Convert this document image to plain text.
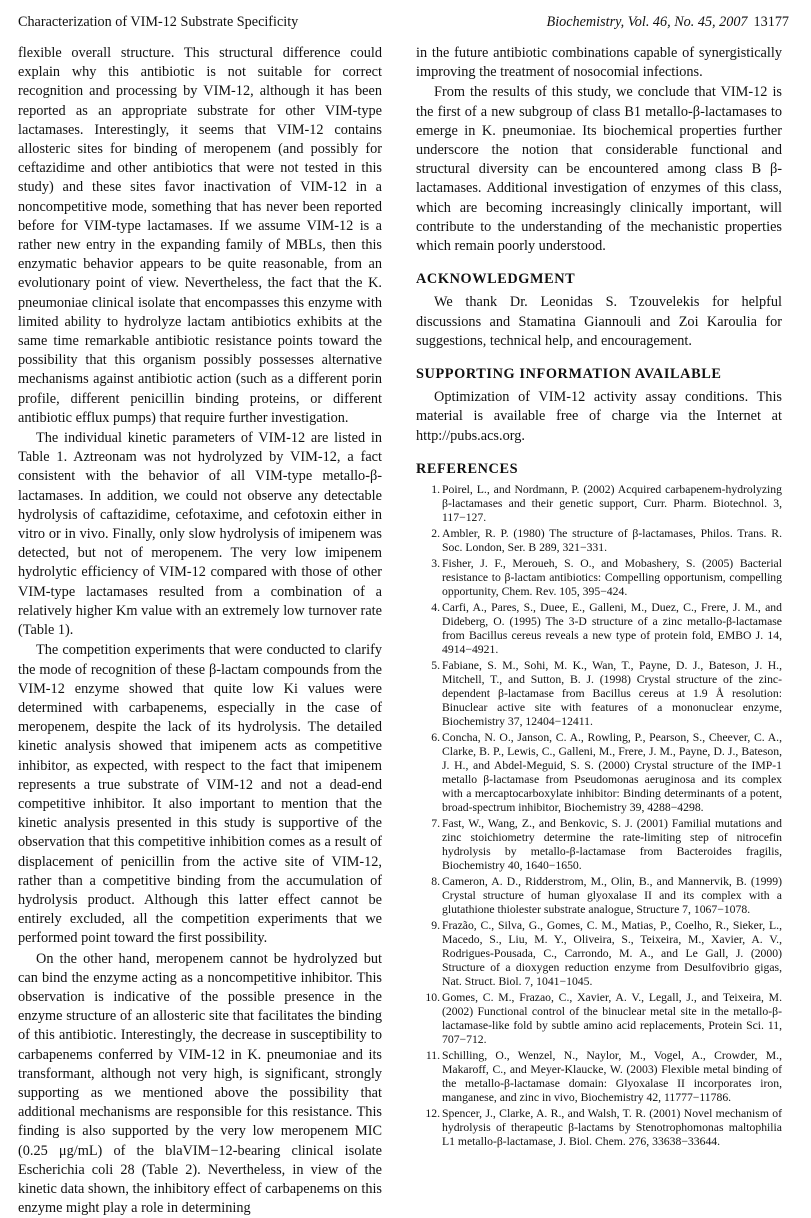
Characterization of VIM-12 Substrate Specificity	Biochemistry, Vol. 46, No. 45, 2007 13177

flexible overall structure. This structural difference could explain why this antibiotic is not suitable for correct recognition and processing by VIM-12, although it has been reported as an appropriate substrate for other VIM-type lactamases. Interestingly, it seems that VIM-12 contains allosteric sites for binding of meropenem (and possibly for ceftazidime and other antibiotics that were not tested in this study) and these sites favor inactivation of VIM-12 in a noncompetitive mode, something that has never been reported before for VIM-type lactamases. If we assume VIM-12 is a rather new entry in the expanding family of MBLs, then this enzymatic behavior appears to be quite reasonable, from an evolutionary point of view. Nevertheless, the fact that the K. pneumoniae clinical isolate that encompasses this enzyme with limited ability to hydrolyze lactam antibiotics exhibits at the same time remarkable antibiotic resistance points toward the possibility that this organism possibly possesses alternative mechanisms against antibiotic action (such as a different porin profile, different penicillin binding proteins, or different antibiotic efflux pumps) that require further investigation.

The individual kinetic parameters of VIM-12 are listed in Table 1. Aztreonam was not hydrolyzed by VIM-12, a fact consistent with the behavior of all VIM-type metallo-β-lactamases. In addition, we could not observe any detectable hydrolysis of caftazidime, cefotaxime, and cefotoxin either in vitro or in vivo. Finally, only slow hydrolysis of imipenem was detected, but not of meropenem. The very low imipenem hydrolytic efficiency of VIM-12 compared with those of other VIM-type lactamases resulted from a combination of a relatively higher Km value with an extremely low turnover rate (Table 1).

The competition experiments that were conducted to clarify the mode of recognition of these β-lactam compounds from the VIM-12 enzyme showed that quite low Ki values were determined with carbapenems, especially in the case of meropenem, despite the lack of its hydrolysis. The detailed kinetic analysis showed that imipenem acts as competitive inhibitor, as expected, with respect to the fact that imipenem represents a true substrate of VIM-12 and not a dead-end competitive inhibitor. It also important to mention that the kinetic analysis presented in this study is supportive of the observation that this competitive inhibition comes as a result of displacement of penicillin from the active site of VIM-12, rather than a competitive binding from the accumulation of hydrolysis product. Although this latter effect cannot be entirely excluded, all the competition experiments that we performed point toward the first possibility.

On the other hand, meropenem cannot be hydrolyzed but can bind the enzyme acting as a noncompetitive inhibitor. This observation is indicative of the possible presence in the enzyme structure of an allosteric site that facilitates the binding of this antibiotic. Interestingly, the decrease in susceptibility to carbapenems conferred by VIM-12 in K. pneumoniae and its transformant, although not very high, is significant, strongly supporting as we mentioned above the possibility that additional mechanisms are responsible for this resistance. This finding is also supported by the very low meropenem MIC (0.25 μg/mL) of the blaVIM−12-bearing clinical isolate Escherichia coli 28 (Table 2). Nevertheless, in view of the kinetic data shown, the inhibitory effect of carbapenems on this enzyme might play a role in determining

in the future antibiotic combinations capable of synergistically improving the treatment of nosocomial infections.

From the results of this study, we conclude that VIM-12 is the first of a new subgroup of class B1 metallo-β-lactamases to emerge in K. pneumoniae. Its biochemical properties further underscore the notion that considerable functional and structural diversity can be encountered among class B β-lactamases. Additional investigation of enzymes of this class, which are becoming increasingly clinically important, will contribute to the understanding of the mechanistic properties which remain poorly understood.

ACKNOWLEDGMENT

We thank Dr. Leonidas S. Tzouvelekis for helpful discussions and Stamatina Giannouli and Zoi Karoulia for suggestions, technical help, and encouragement.

SUPPORTING INFORMATION AVAILABLE

Optimization of VIM-12 activity assay conditions. This material is available free of charge via the Internet at http://pubs.acs.org.

REFERENCES
1. Poirel, L., and Nordmann, P. (2002) Acquired carbapenem-hydrolyzing β-lactamases and their genetic support, Curr. Pharm. Biotechnol. 3, 117−127.
2. Ambler, R. P. (1980) The structure of β-lactamases, Philos. Trans. R. Soc. London, Ser. B 289, 321−331.
3. Fisher, J. F., Meroueh, S. O., and Mobashery, S. (2005) Bacterial resistance to β-lactam antibiotics: Compelling opportunism, compelling opportunity, Chem. Rev. 105, 395−424.
4. Carfi, A., Pares, S., Duee, E., Galleni, M., Duez, C., Frere, J. M., and Dideberg, O. (1995) The 3-D structure of a zinc metallo-β-lactamase from Bacillus cereus reveals a new type of protein fold, EMBO J. 14, 4914−4921.
5. Fabiane, S. M., Sohi, M. K., Wan, T., Payne, D. J., Bateson, J. H., Mitchell, T., and Sutton, B. J. (1998) Crystal structure of the zinc-dependent β-lactamase from Bacillus cereus at 1.9 Å resolution: Binuclear active site with features of a mononuclear enzyme, Biochemistry 37, 12404−12411.
6. Concha, N. O., Janson, C. A., Rowling, P., Pearson, S., Cheever, C. A., Clarke, B. P., Lewis, C., Galleni, M., Frere, J. M., Payne, D. J., Bateson, J. H., and Abdel-Meguid, S. S. (2000) Crystal structure of the IMP-1 metallo β-lactamase from Pseudomonas aeruginosa and its complex with a mercaptocarboxylate inhibitor: Binding determinants of a potent, broad-spectrum inhibitor, Biochemistry 39, 4288−4298.
7. Fast, W., Wang, Z., and Benkovic, S. J. (2001) Familial mutations and zinc stoichiometry determine the rate-limiting step of nitrocefin hydrolysis by metallo-β-lactamase from Bacteroides fragilis, Biochemistry 40, 1640−1650.
8. Cameron, A. D., Ridderstrom, M., Olin, B., and Mannervik, B. (1999) Crystal structure of human glyoxalase II and its complex with a glutathione thiolester substrate analogue, Structure 7, 1067−1078.
9. Frazão, C., Silva, G., Gomes, C. M., Matias, P., Coelho, R., Sieker, L., Macedo, S., Liu, M. Y., Oliveira, S., Teixeira, M., Xavier, A. V., Rodrigues-Pousada, C., Carrondo, M. A., and Le Gall, J. (2000) Structure of a dioxygen reduction enzyme from Desulfovibrio gigas, Nat. Struct. Biol. 7, 1041−1045.
10. Gomes, C. M., Frazao, C., Xavier, A. V., Legall, J., and Teixeira, M. (2002) Functional control of the binuclear metal site in the metallo-β-lactamase-like fold by subtle amino acid replacements, Protein Sci. 11, 707−712.
11. Schilling, O., Wenzel, N., Naylor, M., Vogel, A., Crowder, M., Makaroff, C., and Meyer-Klaucke, W. (2003) Flexible metal binding of the metallo-β-lactamase domain: Glyoxalase II incorporates iron, manganese, and zinc in vivo, Biochemistry 42, 11777−11786.
12. Spencer, J., Clarke, A. R., and Walsh, T. R. (2001) Novel mechanism of hydrolysis of therapeutic β-lactams by Stenotrophomonas maltophilia L1 metallo-β-lactamase, J. Biol. Chem. 276, 33638−33644.
